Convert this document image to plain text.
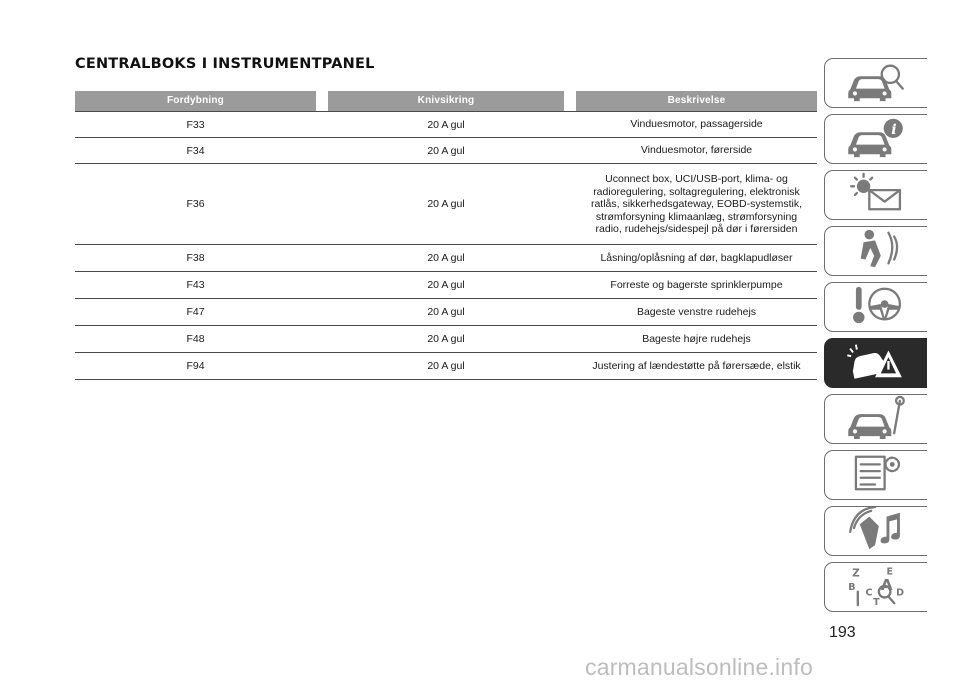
CENTRALBOKS I INSTRUMENTPANEL
Fordybning	Knivsikring	Beskrivelse
F33	20 A gul	Vinduesmotor, passagerside
F34	20 A gul	Vinduesmotor, førerside
F36	20 A gul
Uconnect box, UCI/USB-port, klima- og
radioregulering, soltagregulering, elektronisk
ratlås, sikkerhedsgateway, EOBD-systemstik,
strømforsyning klimaanlæg, strømforsyning
radio, rudehejs/sidespejl på dør i førersiden
F38	20 A gul	Låsning/oplåsning af dør, bagklapudløser
F43	20 A gul	Forreste og bagerste sprinklerpumpe
F47	20 A gul	Bageste venstre rudehejs
F48	20 A gul	Bageste højre rudehejs
F94	20 A gul	Justering af lændestøtte på førersæde, elstik
i
Z	E
B A
C D
T
193
carmanualsonline.info
